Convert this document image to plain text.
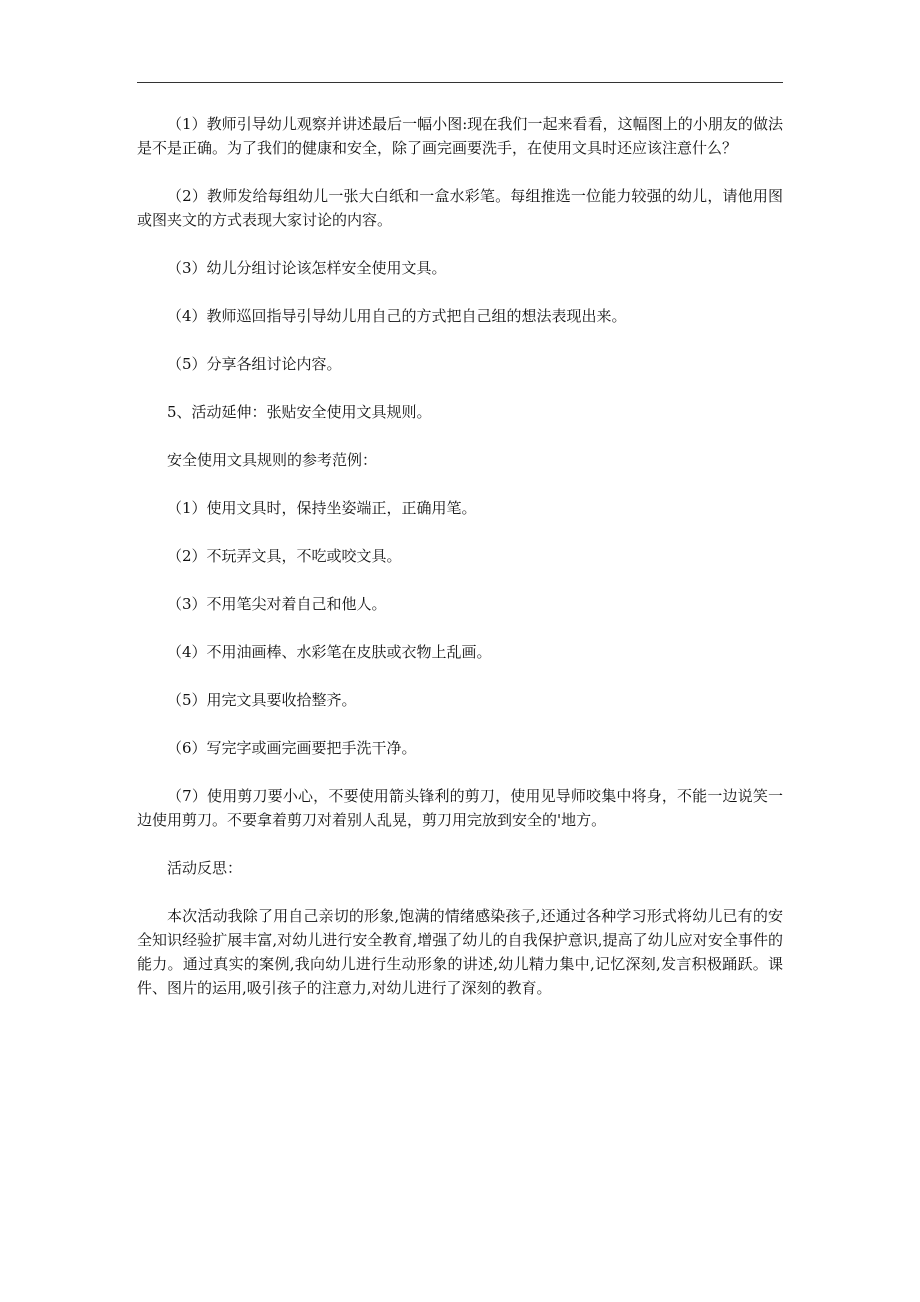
（1）教师引导幼儿观察并讲述最后一幅小图:现在我们一起来看看，这幅图上的小朋友的做法是不是正确。为了我们的健康和安全，除了画完画要洗手，在使用文具时还应该注意什么？

（2）教师发给每组幼儿一张大白纸和一盒水彩笔。每组推选一位能力较强的幼儿，请他用图或图夹文的方式表现大家讨论的内容。

（3）幼儿分组讨论该怎样安全使用文具。

（4）教师巡回指导引导幼儿用自己的方式把自己组的想法表现出来。

（5）分享各组讨论内容。

5、活动延伸：张贴安全使用文具规则。

安全使用文具规则的参考范例：

（1）使用文具时，保持坐姿端正，正确用笔。

（2）不玩弄文具，不吃或咬文具。

（3）不用笔尖对着自己和他人。

（4）不用油画棒、水彩笔在皮肤或衣物上乱画。

（5）用完文具要收拾整齐。

（6）写完字或画完画要把手洗干净。

（7）使用剪刀要小心，不要使用箭头锋利的剪刀，使用见导师咬集中将身，不能一边说笑一边使用剪刀。不要拿着剪刀对着别人乱晃，剪刀用完放到安全的'地方。

活动反思：

本次活动我除了用自己亲切的形象,饱满的情绪感染孩子,还通过各种学习形式将幼儿已有的安全知识经验扩展丰富,对幼儿进行安全教育,增强了幼儿的自我保护意识,提高了幼儿应对安全事件的能力。通过真实的案例,我向幼儿进行生动形象的讲述,幼儿精力集中,记忆深刻,发言积极踊跃。课件、图片的运用,吸引孩子的注意力,对幼儿进行了深刻的教育。
